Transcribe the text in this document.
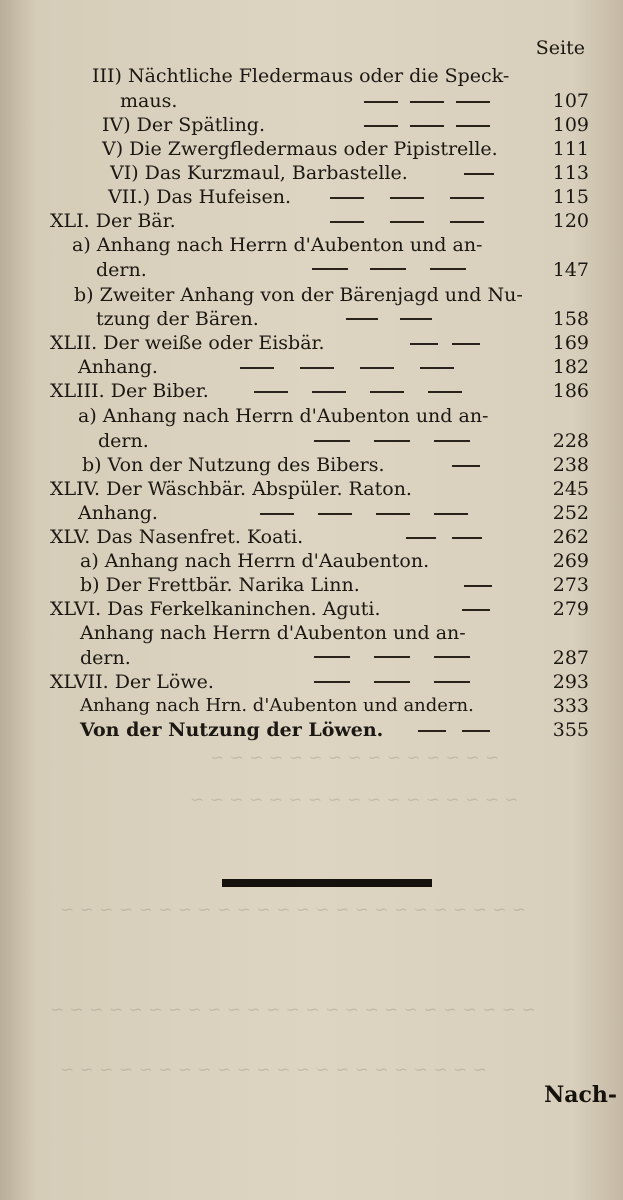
~ ~ ~ ~ ~ ~ ~ ~ ~ ~ ~ ~ ~ ~ ~
~ ~ ~ ~ ~ ~ ~ ~ ~ ~ ~ ~ ~ ~ ~ ~ ~
~ ~ ~ ~ ~ ~ ~ ~ ~ ~ ~ ~ ~ ~ ~ ~ ~ ~ ~ ~ ~ ~ ~ ~
~ ~ ~ ~ ~ ~ ~ ~ ~ ~ ~ ~ ~ ~ ~ ~ ~ ~ ~ ~ ~ ~ ~ ~ ~
~ ~ ~ ~ ~ ~ ~ ~ ~ ~ ~ ~ ~ ~ ~ ~ ~ ~ ~ ~ ~ ~
Seite
III) Nächtliche Fledermaus oder die Speck-
maus.	107
IV) Der Spätling.	109
V) Die Zwergfledermaus oder Pipistrelle.	111
VI) Das Kurzmaul, Barbastelle.	113
VII.) Das Hufeisen.	115
XLI. Der Bär.	120
a) Anhang nach Herrn d'Aubenton und an-
dern.	147
b) Zweiter Anhang von der Bärenjagd und Nu-
tzung der Bären.	158
XLII. Der weiße oder Eisbär.	169
Anhang.	182
XLIII. Der Biber.	186
a) Anhang nach Herrn d'Aubenton und an-
dern.	228
b) Von der Nutzung des Bibers.	238
XLIV. Der Wäschbär. Abspüler. Raton.	245
Anhang.	252
XLV. Das Nasenfret. Koati.	262
a) Anhang nach Herrn d'Aaubenton.	269
b) Der Frettbär. Narika Linn.	273
XLVI. Das Ferkelkaninchen. Aguti.	279
Anhang nach Herrn d'Aubenton und an-
dern.	287
XLVII. Der Löwe.	293
Anhang nach Hrn. d'Aubenton und andern.	333
Von der Nutzung der Löwen.	355
Nach-
